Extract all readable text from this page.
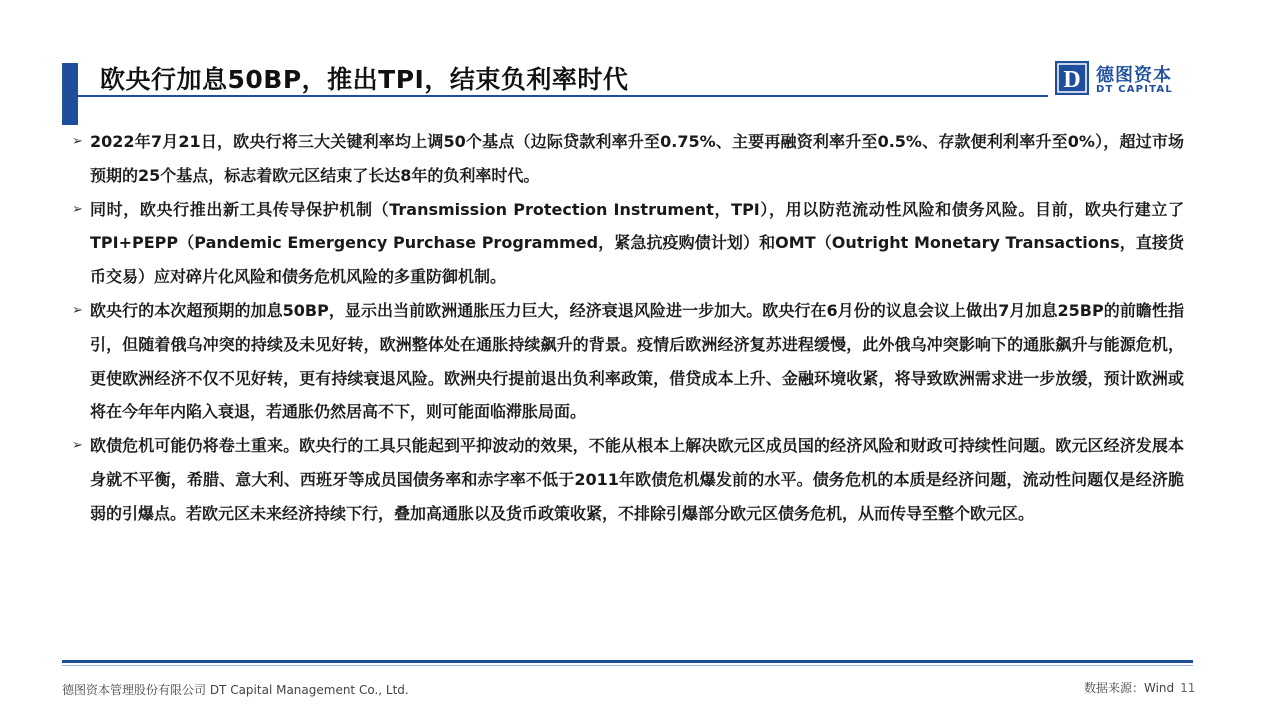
欧央行加息50BP，推出TPI，结束负利率时代	D 德图资本
DT CAPITAL
➢ 2022年7月21日，欧央行将三大关键利率均上调50个基点（边际贷款利率升至0.75%、主要再融资利率升至0.5%、存款便利利率升至0%），超过市场预期的25个基点，标志着欧元区结束了长达8年的负利率时代。
➢ 同时，欧央行推出新工具传导保护机制（Transmission Protection Instrument，TPI），用以防范流动性风险和债务风险。目前，欧央行建立了TPI+PEPP（Pandemic Emergency Purchase Programmed，紧急抗疫购债计划）和OMT（Outright Monetary Transactions，直接货币交易）应对碎片化风险和债务危机风险的多重防御机制。
➢ 欧央行的本次超预期的加息50BP，显示出当前欧洲通胀压力巨大，经济衰退风险进一步加大。欧央行在6月份的议息会议上做出7月加息25BP的前瞻性指引，但随着俄乌冲突的持续及未见好转，欧洲整体处在通胀持续飙升的背景。疫情后欧洲经济复苏进程缓慢，此外俄乌冲突影响下的通胀飙升与能源危机，更使欧洲经济不仅不见好转，更有持续衰退风险。欧洲央行提前退出负利率政策，借贷成本上升、金融环境收紧，将导致欧洲需求进一步放缓，预计欧洲或将在今年年内陷入衰退，若通胀仍然居高不下，则可能面临滞胀局面。
➢ 欧债危机可能仍将卷土重来。欧央行的工具只能起到平抑波动的效果，不能从根本上解决欧元区成员国的经济风险和财政可持续性问题。欧元区经济发展本身就不平衡，希腊、意大利、西班牙等成员国债务率和赤字率不低于2011年欧债危机爆发前的水平。债务危机的本质是经济问题，流动性问题仅是经济脆弱的引爆点。若欧元区未来经济持续下行，叠加高通胀以及货币政策收紧，不排除引爆部分欧元区债务危机，从而传导至整个欧元区。
德图资本管理股份有限公司 DT Capital Management Co., Ltd.	数据来源：Wind 11
